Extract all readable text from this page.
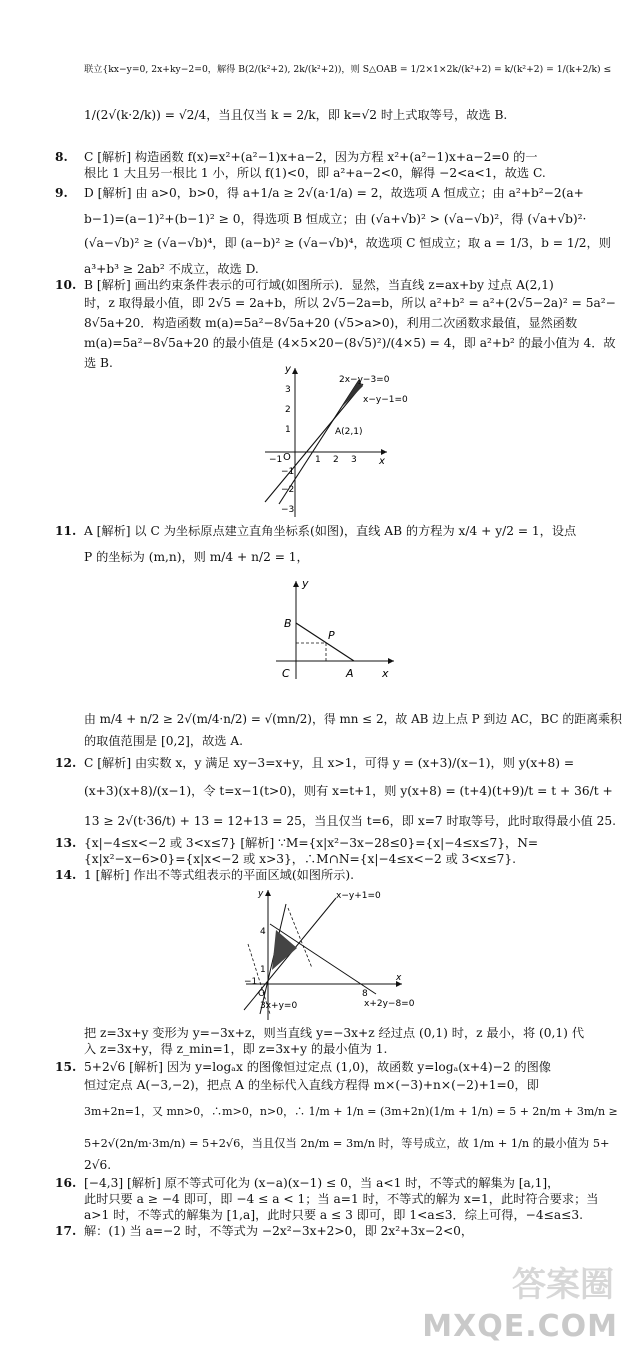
联立{kx−y=0, 2x+ky−2=0，解得 B(2/(k²+2), 2k/(k²+2))，则 S△OAB = 1/2×1×2k/(k²+2) = k/(k²+2) = 1/(k+2/k) ≤
1/(2√(k·2/k)) = √2/4，当且仅当 k = 2/k，即 k=√2 时上式取等号，故选 B.
8. C [解析] 构造函数 f(x)=x²+(a²−1)x+a−2，因为方程 x²+(a²−1)x+a−2=0 的一
根比 1 大且另一根比 1 小，所以 f(1)<0，即 a²+a−2<0，解得 −2<a<1，故选 C.
9. D [解析] 由 a>0，b>0，得 a+1/a ≥ 2√(a·1/a) = 2，故选项 A 恒成立；由 a²+b²−2(a+
b−1)=(a−1)²+(b−1)² ≥ 0，得选项 B 恒成立；由 (√a+√b)² > (√a−√b)²，得 (√a+√b)²·
(√a−√b)² ≥ (√a−√b)⁴，即 (a−b)² ≥ (√a−√b)⁴，故选项 C 恒成立；取 a = 1/3，b = 1/2，则
a³+b³ ≥ 2ab² 不成立，故选 D.
10. B [解析] 画出约束条件表示的可行域(如图所示)．显然，当直线 z=ax+by 过点 A(2,1)
时，z 取得最小值，即 2√5 = 2a+b，所以 2√5−2a=b，所以 a²+b² = a²+(2√5−2a)² = 5a²−
8√5a+20．构造函数 m(a)=5a²−8√5a+20 (√5>a>0)，利用二次函数求最值，显然函数
m(a)=5a²−8√5a+20 的最小值是 (4×5×20−(8√5)²)/(4×5) = 4，即 a²+b² 的最小值为 4．故
选 B.
O	x
y
−1	1 2 3
3
2
1
−1
−2
−3
2x−y−3=0
x−y−1=0
A(2,1)
11. A [解析] 以 C 为坐标原点建立直角坐标系(如图)，直线 AB 的方程为 x/4 + y/2 = 1，设点
P 的坐标为 (m,n)，则 m/4 + n/2 = 1，
B
P
C	A	x
y
由 m/4 + n/2 ≥ 2√(m/4·n/2) = √(mn/2)，得 mn ≤ 2，故 AB 边上点 P 到边 AC，BC 的距离乘积
的取值范围是 [0,2]，故选 A.
12. C [解析] 由实数 x，y 满足 xy−3=x+y，且 x>1，可得 y = (x+3)/(x−1)，则 y(x+8) =
(x+3)(x+8)/(x−1)，令 t=x−1(t>0)，则有 x=t+1，则 y(x+8) = (t+4)(t+9)/t = t + 36/t +
13 ≥ 2√(t·36/t) + 13 = 12+13 = 25，当且仅当 t=6，即 x=7 时取等号，此时取得最小值 25.
13. {x|−4≤x<−2 或 3<x≤7} [解析] ∵M={x|x²−3x−28≤0}={x|−4≤x≤7}，N=
{x|x²−x−6>0}={x|x<−2 或 x>3}，∴M∩N={x|−4≤x<−2 或 3<x≤7}.
14. 1 [解析] 作出不等式组表示的平面区域(如图所示).
O
x
y
4
1
−1
8
x−y+1=0
3x+y=0	x+2y−8=0
把 z=3x+y 变形为 y=−3x+z，则当直线 y=−3x+z 经过点 (0,1) 时，z 最小，将 (0,1) 代
入 z=3x+y，得 z_min=1，即 z=3x+y 的最小值为 1.
15. 5+2√6 [解析] 因为 y=logₐx 的图像恒过定点 (1,0)，故函数 y=logₐ(x+4)−2 的图像
恒过定点 A(−3,−2)，把点 A 的坐标代入直线方程得 m×(−3)+n×(−2)+1=0，即
3m+2n=1，又 mn>0，∴m>0，n>0，∴ 1/m + 1/n = (3m+2n)(1/m + 1/n) = 5 + 2n/m + 3m/n ≥
5+2√(2n/m·3m/n) = 5+2√6，当且仅当 2n/m = 3m/n 时，等号成立，故 1/m + 1/n 的最小值为 5+
2√6.
16. [−4,3] [解析] 原不等式可化为 (x−a)(x−1) ≤ 0，当 a<1 时，不等式的解集为 [a,1]，
此时只要 a ≥ −4 即可，即 −4 ≤ a < 1；当 a=1 时，不等式的解为 x=1，此时符合要求；当
a>1 时，不等式的解集为 [1,a]，此时只要 a ≤ 3 即可，即 1<a≤3．综上可得，−4≤a≤3.
17. 解：(1) 当 a=−2 时，不等式为 −2x²−3x+2>0，即 2x²+3x−2<0，
答案圈
MXQE.COM
